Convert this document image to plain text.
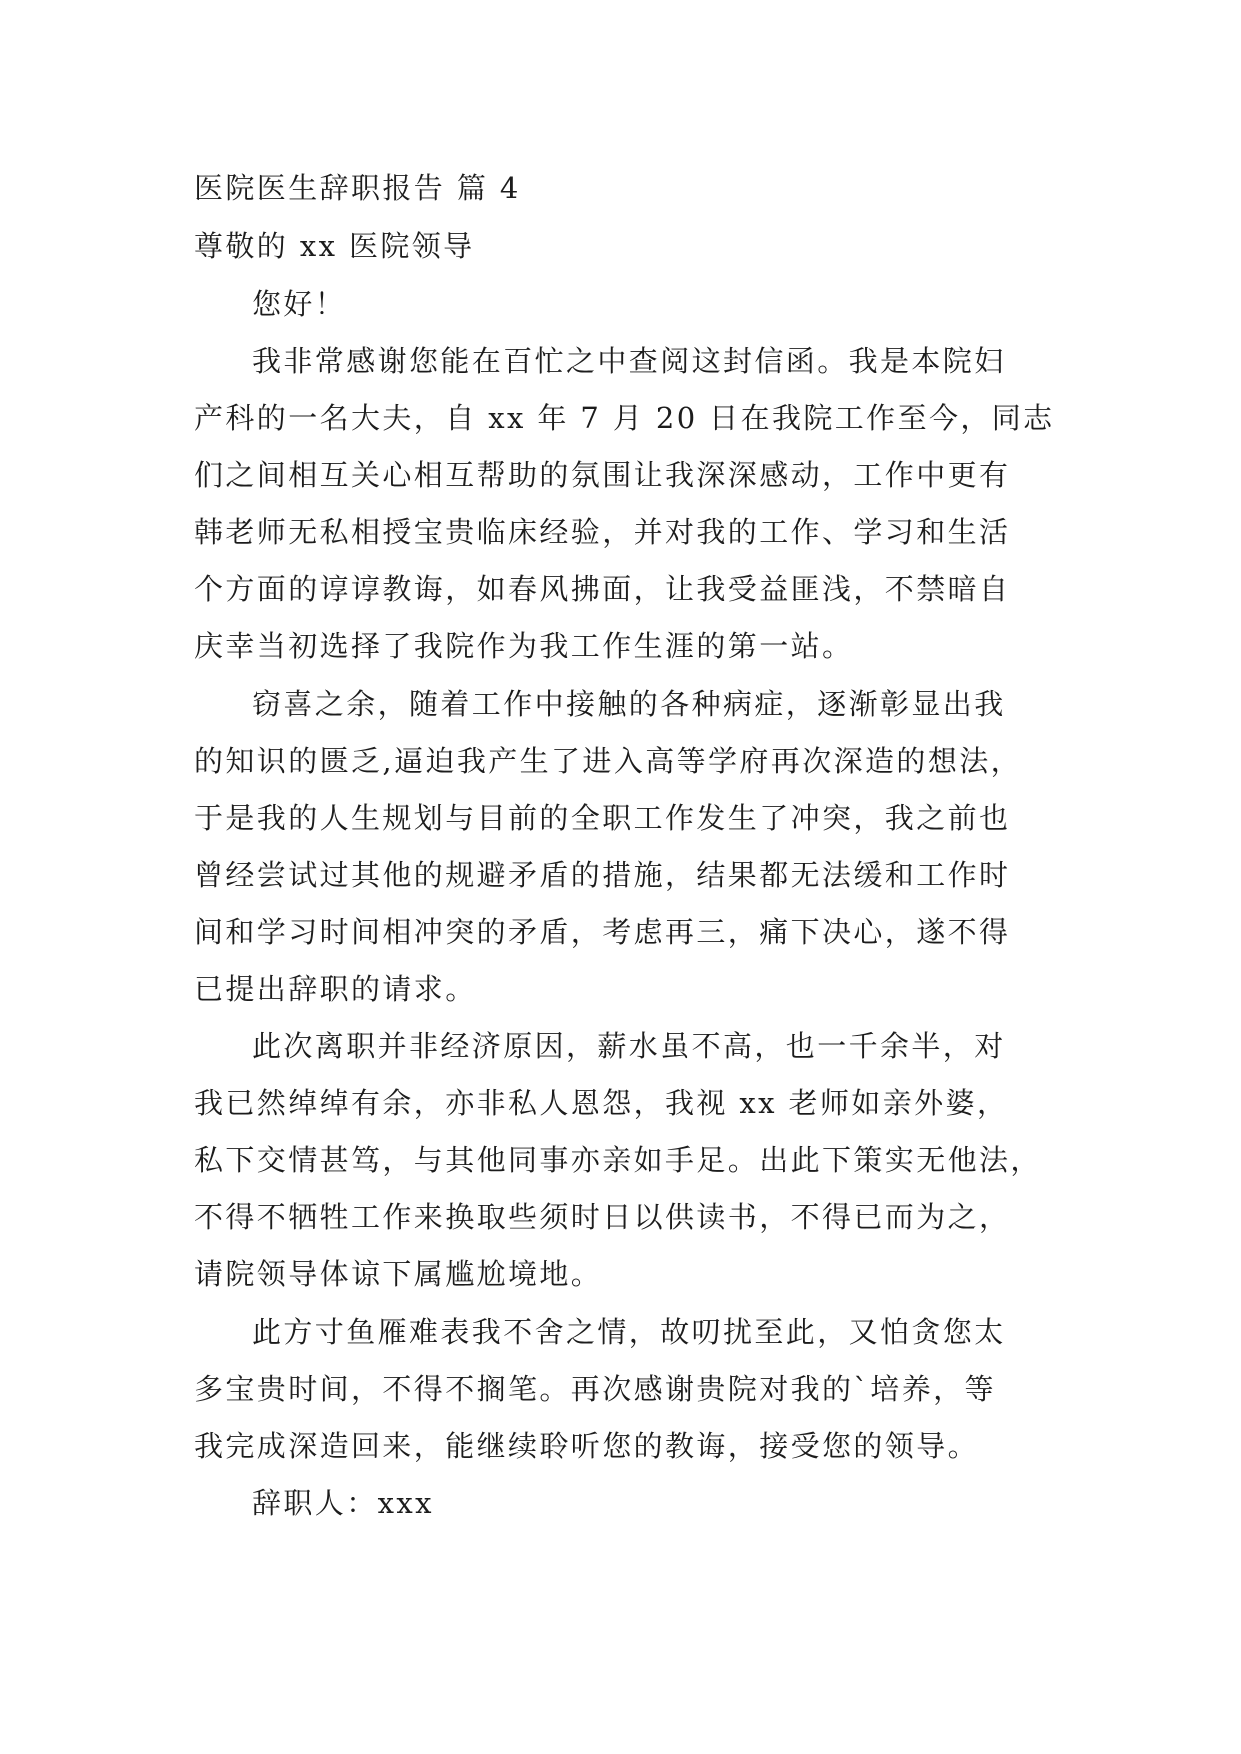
医院医生辞职报告 篇 4

尊敬的 xx 医院领导

您好！

我非常感谢您能在百忙之中查阅这封信函。我是本院妇

产科的一名大夫，自 xx 年 7 月 20 日在我院工作至今，同志

们之间相互关心相互帮助的氛围让我深深感动，工作中更有

韩老师无私相授宝贵临床经验，并对我的工作、学习和生活

个方面的谆谆教诲，如春风拂面，让我受益匪浅，不禁暗自

庆幸当初选择了我院作为我工作生涯的第一站。

窃喜之余，随着工作中接触的各种病症，逐渐彰显出我

的知识的匮乏,逼迫我产生了进入高等学府再次深造的想法，

于是我的人生规划与目前的全职工作发生了冲突，我之前也

曾经尝试过其他的规避矛盾的措施，结果都无法缓和工作时

间和学习时间相冲突的矛盾，考虑再三，痛下决心，遂不得

已提出辞职的请求。

此次离职并非经济原因，薪水虽不高，也一千余半，对

我已然绰绰有余，亦非私人恩怨，我视 xx 老师如亲外婆，

私下交情甚笃，与其他同事亦亲如手足。出此下策实无他法，

不得不牺牲工作来换取些须时日以供读书，不得已而为之，

请院领导体谅下属尴尬境地。

此方寸鱼雁难表我不舍之情，故叨扰至此，又怕贪您太

多宝贵时间，不得不搁笔。再次感谢贵院对我的`培养，等

我完成深造回来，能继续聆听您的教诲，接受您的领导。

辞职人：xxx
